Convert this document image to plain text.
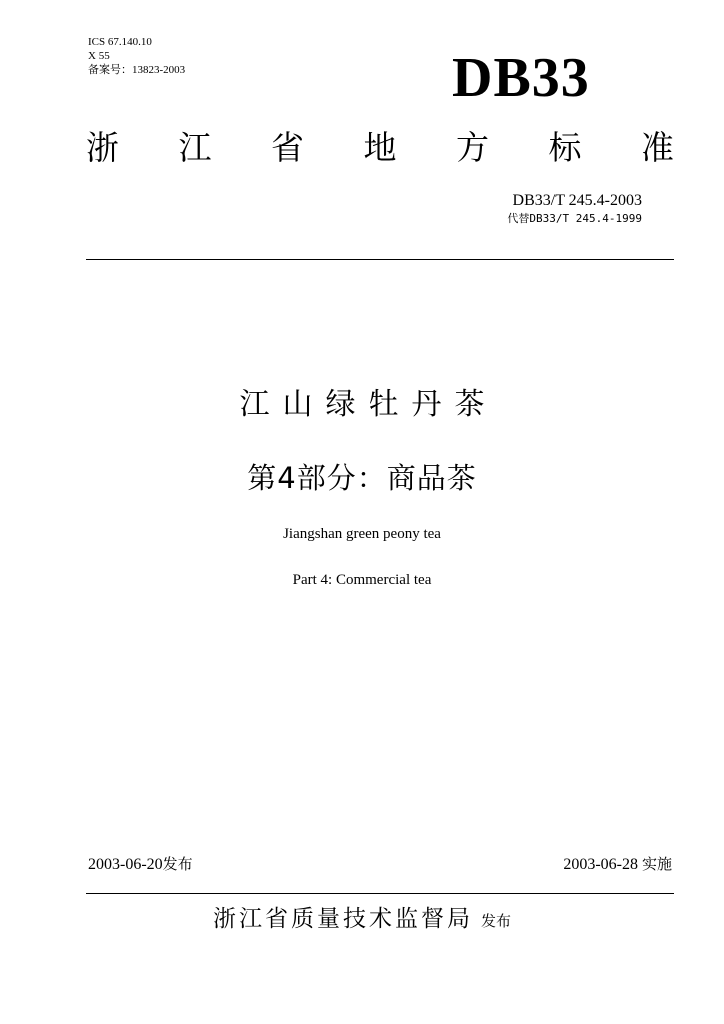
ICS 67.140.10
X 55
备案号：13823-2003	DB33
浙 江 省 地 方 标 准
DB33/T 245.4-2003
代替DB33/T 245.4-1999
江山绿牡丹茶
第4部分：商品茶
Jiangshan green peony tea
Part 4: Commercial tea
2003-06-20发布	2003-06-28 实施
浙江省质量技术监督局 发布
